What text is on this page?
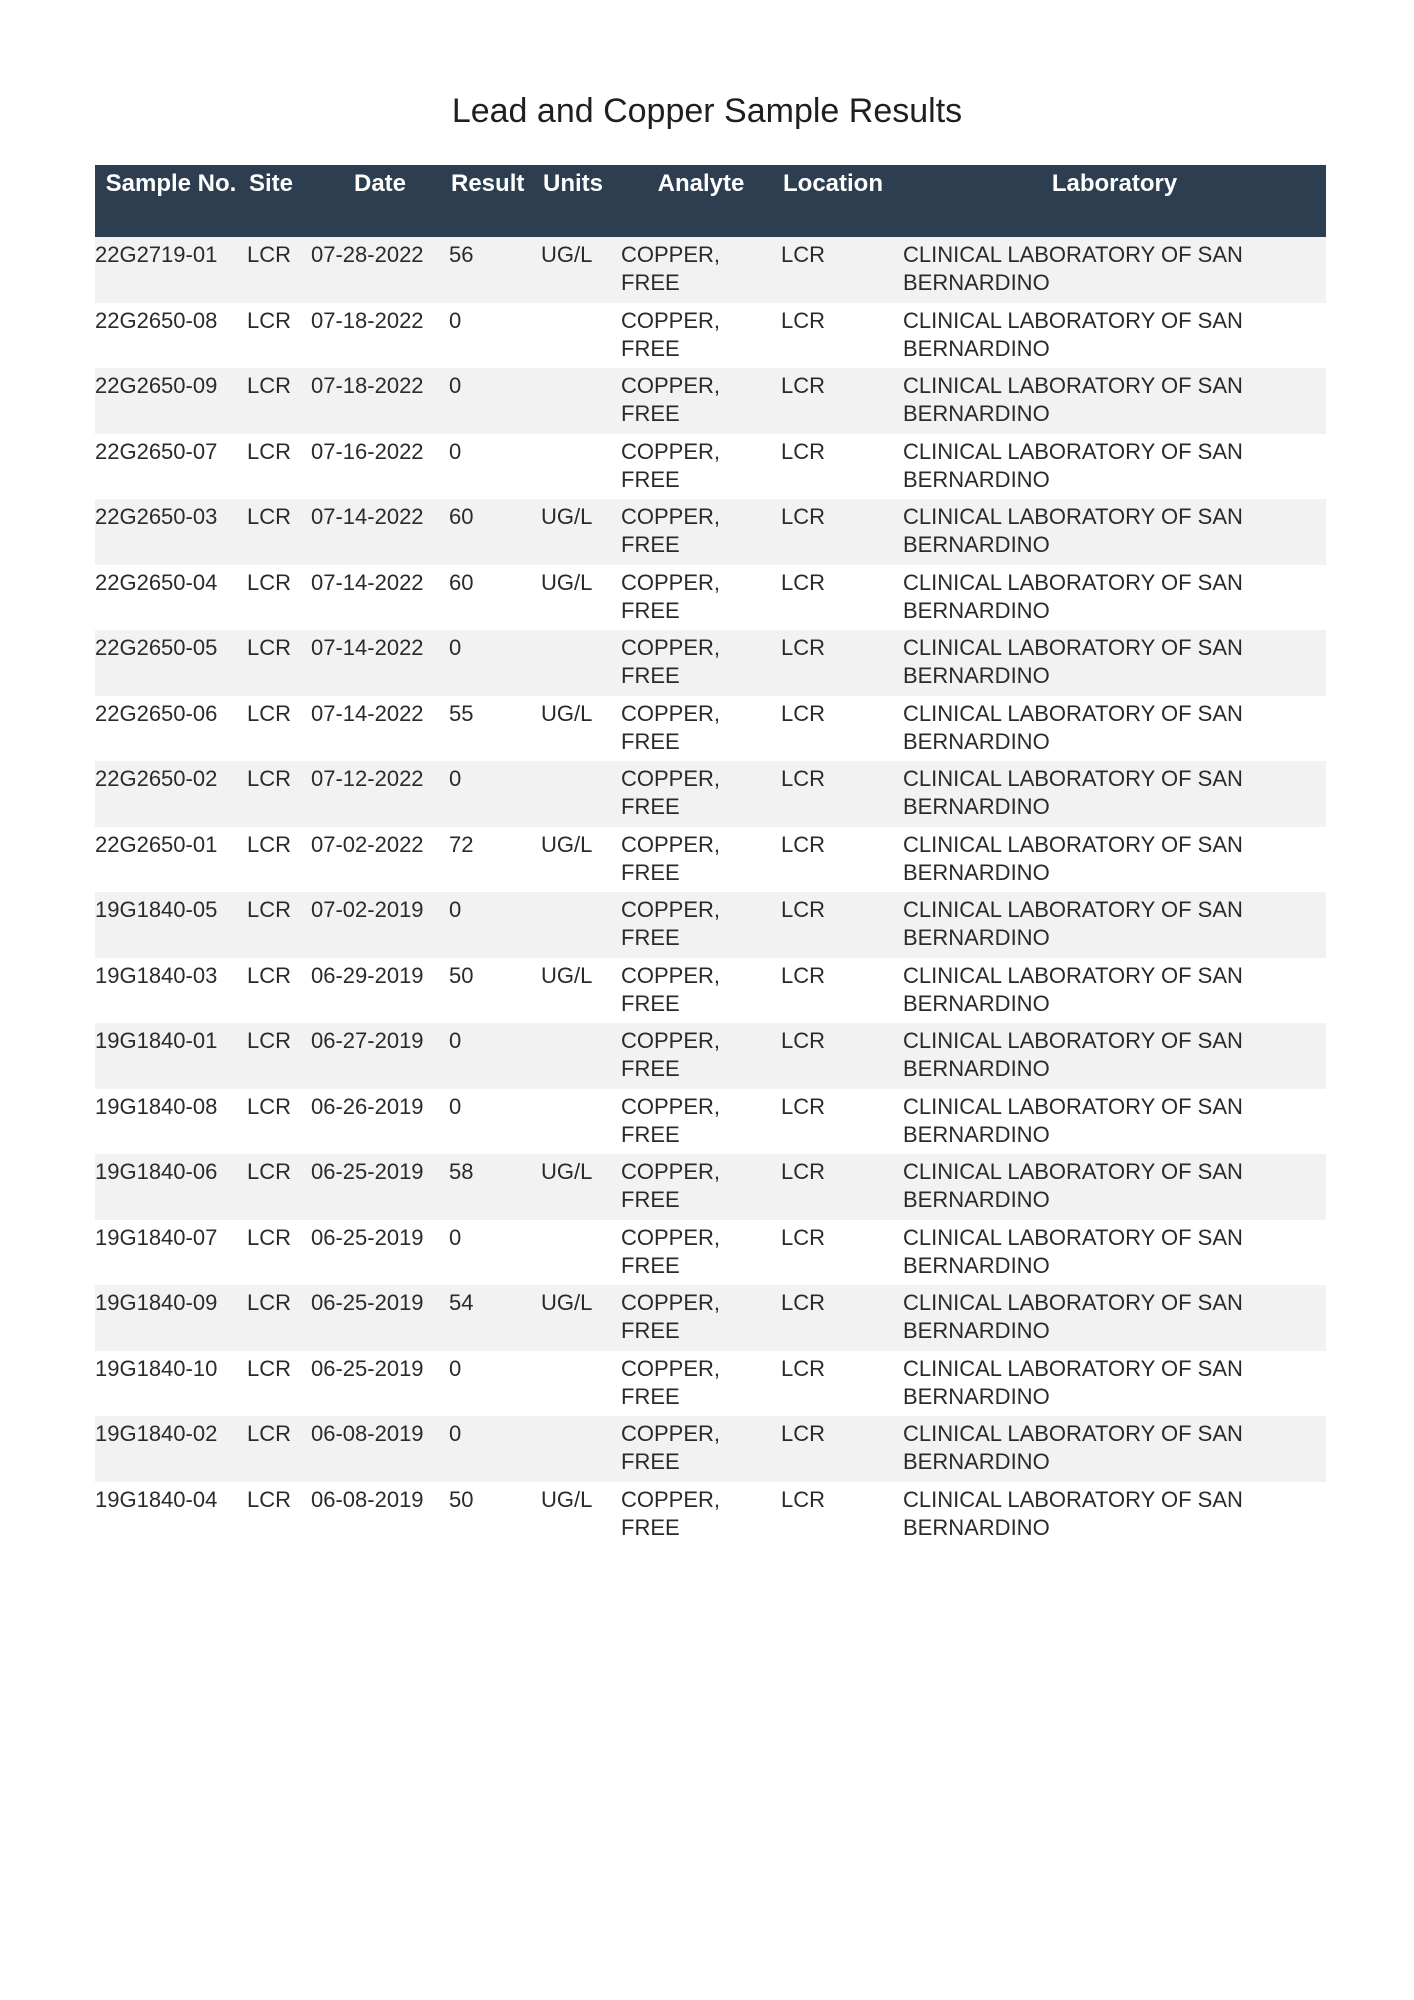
Lead and Copper Sample Results
Sample No.	Site	Date	Result	Units	Analyte	Location	Laboratory
22G2719-01	LCR	07-28-2022	56	UG/L	COPPER, FREE	LCR	CLINICAL LABORATORY OF SAN BERNARDINO
22G2650-08	LCR	07-18-2022	0		COPPER, FREE	LCR	CLINICAL LABORATORY OF SAN BERNARDINO
22G2650-09	LCR	07-18-2022	0		COPPER, FREE	LCR	CLINICAL LABORATORY OF SAN BERNARDINO
22G2650-07	LCR	07-16-2022	0		COPPER, FREE	LCR	CLINICAL LABORATORY OF SAN BERNARDINO
22G2650-03	LCR	07-14-2022	60	UG/L	COPPER, FREE	LCR	CLINICAL LABORATORY OF SAN BERNARDINO
22G2650-04	LCR	07-14-2022	60	UG/L	COPPER, FREE	LCR	CLINICAL LABORATORY OF SAN BERNARDINO
22G2650-05	LCR	07-14-2022	0		COPPER, FREE	LCR	CLINICAL LABORATORY OF SAN BERNARDINO
22G2650-06	LCR	07-14-2022	55	UG/L	COPPER, FREE	LCR	CLINICAL LABORATORY OF SAN BERNARDINO
22G2650-02	LCR	07-12-2022	0		COPPER, FREE	LCR	CLINICAL LABORATORY OF SAN BERNARDINO
22G2650-01	LCR	07-02-2022	72	UG/L	COPPER, FREE	LCR	CLINICAL LABORATORY OF SAN BERNARDINO
19G1840-05	LCR	07-02-2019	0		COPPER, FREE	LCR	CLINICAL LABORATORY OF SAN BERNARDINO
19G1840-03	LCR	06-29-2019	50	UG/L	COPPER, FREE	LCR	CLINICAL LABORATORY OF SAN BERNARDINO
19G1840-01	LCR	06-27-2019	0		COPPER, FREE	LCR	CLINICAL LABORATORY OF SAN BERNARDINO
19G1840-08	LCR	06-26-2019	0		COPPER, FREE	LCR	CLINICAL LABORATORY OF SAN BERNARDINO
19G1840-06	LCR	06-25-2019	58	UG/L	COPPER, FREE	LCR	CLINICAL LABORATORY OF SAN BERNARDINO
19G1840-07	LCR	06-25-2019	0		COPPER, FREE	LCR	CLINICAL LABORATORY OF SAN BERNARDINO
19G1840-09	LCR	06-25-2019	54	UG/L	COPPER, FREE	LCR	CLINICAL LABORATORY OF SAN BERNARDINO
19G1840-10	LCR	06-25-2019	0		COPPER, FREE	LCR	CLINICAL LABORATORY OF SAN BERNARDINO
19G1840-02	LCR	06-08-2019	0		COPPER, FREE	LCR	CLINICAL LABORATORY OF SAN BERNARDINO
19G1840-04	LCR	06-08-2019	50	UG/L	COPPER, FREE	LCR	CLINICAL LABORATORY OF SAN BERNARDINO
